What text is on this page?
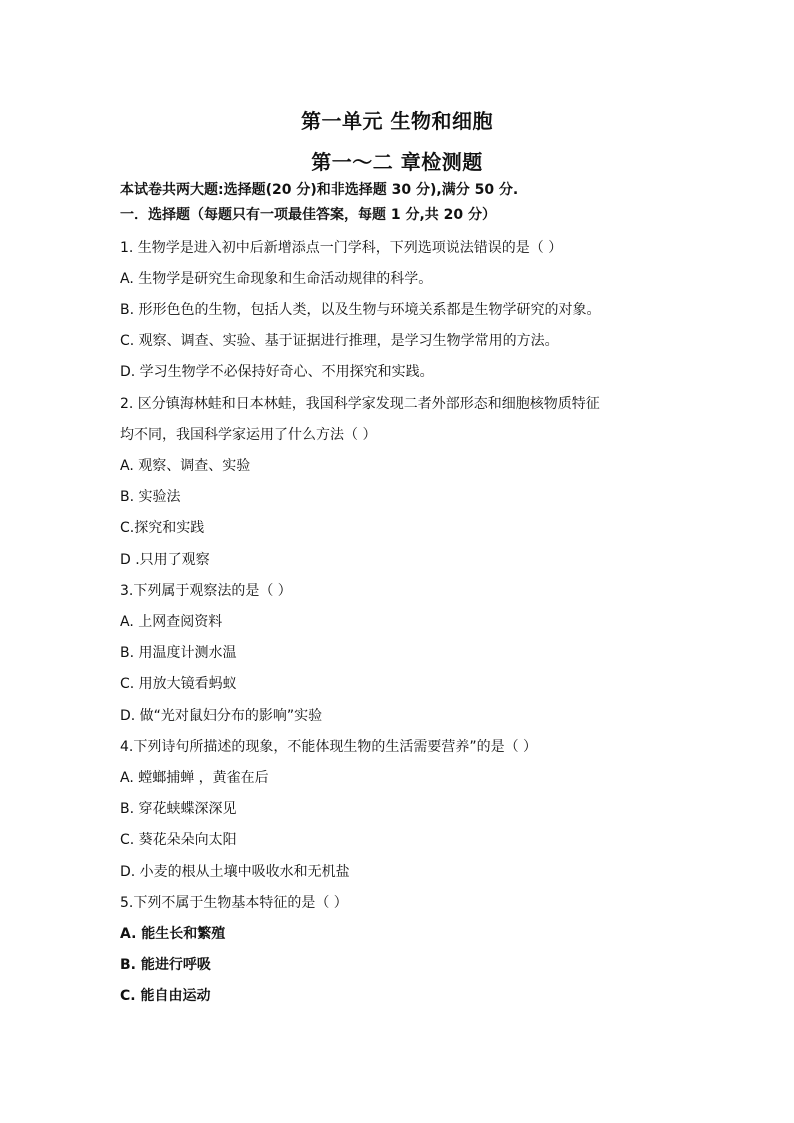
第一单元 生物和细胞
第一～二 章检测题
本试卷共两大题:选择题(20 分)和非选择题 30 分),满分 50 分.
一．选择题（每题只有一项最佳答案，每题 1 分,共 20 分）
1. 生物学是进入初中后新增添点一门学科，下列选项说法错误的是（ ）
A. 生物学是研究生命现象和生命活动规律的科学。
B. 形形色色的生物，包括人类，以及生物与环境关系都是生物学研究的对象。
C. 观察、调查、实验、基于证据进行推理，是学习生物学常用的方法。
D. 学习生物学不必保持好奇心、不用探究和实践。
2. 区分镇海林蛙和日本林蛙，我国科学家发现二者外部形态和细胞核物质特征
均不同，我国科学家运用了什么方法（ ）
A. 观察、调查、实验
B. 实验法
C.探究和实践
D .只用了观察
3.下列属于观察法的是（ ）
A. 上网查阅资料
B. 用温度计测水温
C. 用放大镜看蚂蚁
D. 做“光对鼠妇分布的影响”实验
4.下列诗句所描述的现象，不能体现生物的生活需要营养”的是（ ）
A. 螳螂捕蝉 ，黄雀在后
B. 穿花蛱蝶深深见
C. 葵花朵朵向太阳
D. 小麦的根从土壤中吸收水和无机盐
5.下列不属于生物基本特征的是（ ）
A. 能生长和繁殖
B. 能进行呼吸
C. 能自由运动
